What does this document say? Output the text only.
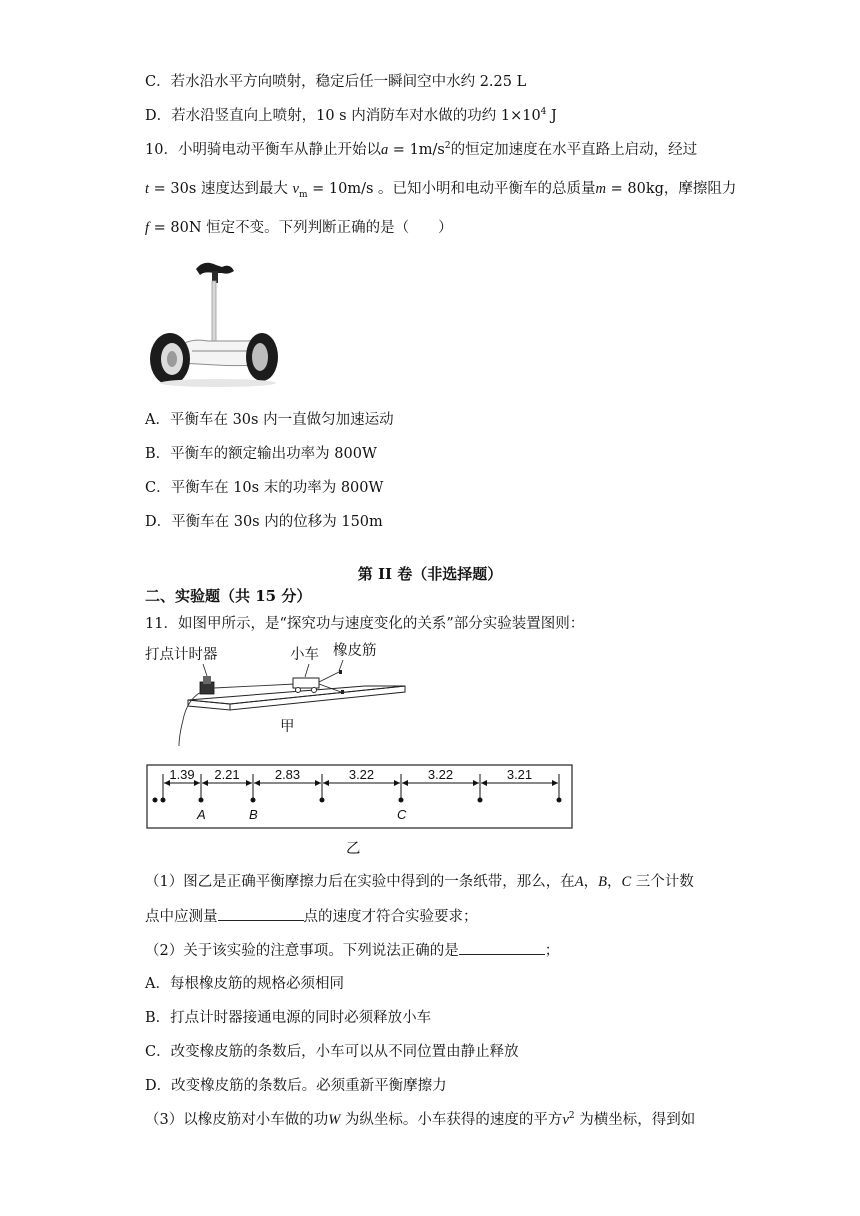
C．若水沿水平方向喷射，稳定后任一瞬间空中水约 2.25 L
D．若水沿竖直向上喷射，10 s 内消防车对水做的功约 $1\times 10^4$ J
10．小明骑电动平衡车从静止开始以$a = 1m/s^2$的恒定加速度在水平直路上启动，经过
t = 30s 速度达到最大 $v_m = 10m/s$ 。已知小明和电动平衡车的总质量m = 80kg，摩擦阻力
f = 80N 恒定不变。下列判断正确的是（　　）
A．平衡车在 30s 内一直做匀加速运动
B．平衡车的额定输出功率为 800W
C．平衡车在 10s 末的功率为 800W
D．平衡车在 30s 内的位移为 150m
第 II 卷（非选择题）
二、实验题（共 15 分）
11．如图甲所示，是“探究功与速度变化的关系”部分实验装置图则：
打点计时器	小车 橡皮筋
甲
A	B	C
1.39 2.21	2.83	3.22	3.22	3.21
乙
（1）图乙是正确平衡摩擦力后在实验中得到的一条纸带，那么，在A，B，C 三个计数
点中应测量	点的速度才符合实验要求；
（2）关于该实验的注意事项。下列说法正确的是	；
A．每根橡皮筋的规格必须相同
B．打点计时器接通电源的同时必须释放小车
C．改变橡皮筋的条数后，小车可以从不同位置由静止释放
D．改变橡皮筋的条数后。必须重新平衡摩擦力
（3）以橡皮筋对小车做的功W 为纵坐标。小车获得的速度的平方$v^2$ 为横坐标，得到如
